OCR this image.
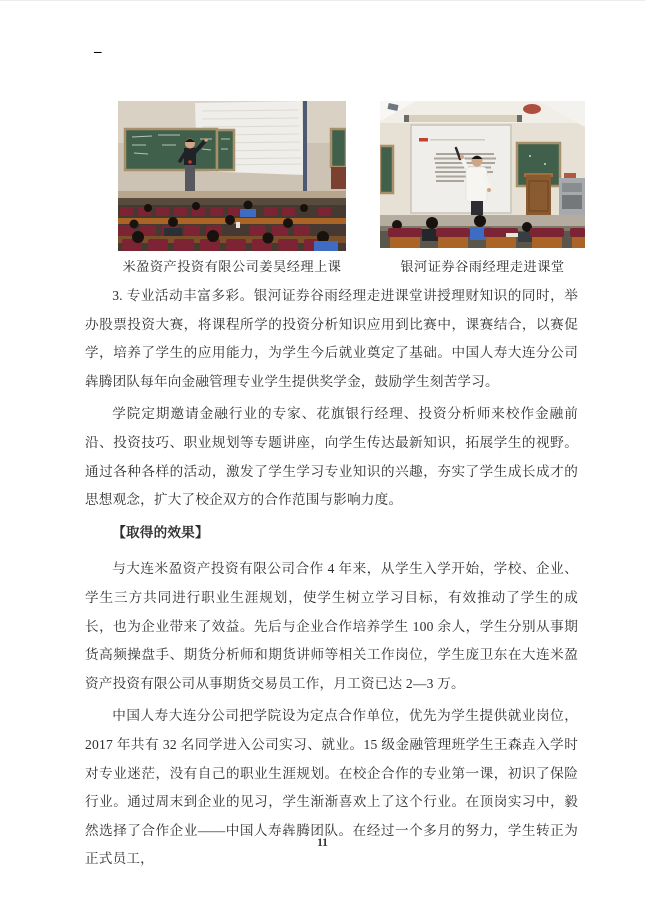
–
米盈资产投资有限公司姜昊经理上课	银河证券谷雨经理走进课堂

3. 专业活动丰富多彩。银河证券谷雨经理走进课堂讲授理财知识的同时，举办股票投资大赛，将课程所学的投资分析知识应用到比赛中，课赛结合，以赛促学，培养了学生的应用能力，为学生今后就业奠定了基础。中国人寿大连分公司犇腾团队每年向金融管理专业学生提供奖学金，鼓励学生刻苦学习。

学院定期邀请金融行业的专家、花旗银行经理、投资分析师来校作金融前沿、投资技巧、职业规划等专题讲座，向学生传达最新知识，拓展学生的视野。通过各种各样的活动，激发了学生学习专业知识的兴趣，夯实了学生成长成才的思想观念，扩大了校企双方的合作范围与影响力度。

【取得的效果】

与大连米盈资产投资有限公司合作 4 年来，从学生入学开始，学校、企业、学生三方共同进行职业生涯规划，使学生树立学习目标，有效推动了学生的成长，也为企业带来了效益。先后与企业合作培养学生 100 余人，学生分别从事期货高频操盘手、期货分析师和期货讲师等相关工作岗位，学生庞卫东在大连米盈资产投资有限公司从事期货交易员工作，月工资已达 2—3 万。

中国人寿大连分公司把学院设为定点合作单位，优先为学生提供就业岗位，2017 年共有 32 名同学进入公司实习、就业。15 级金融管理班学生王森垚入学时对专业迷茫，没有自己的职业生涯规划。在校企合作的专业第一课，初识了保险行业。通过周末到企业的见习，学生渐渐喜欢上了这个行业。在顶岗实习中，毅然选择了合作企业——中国人寿犇腾团队。在经过一个多月的努力，学生转正为正式员工，

11
